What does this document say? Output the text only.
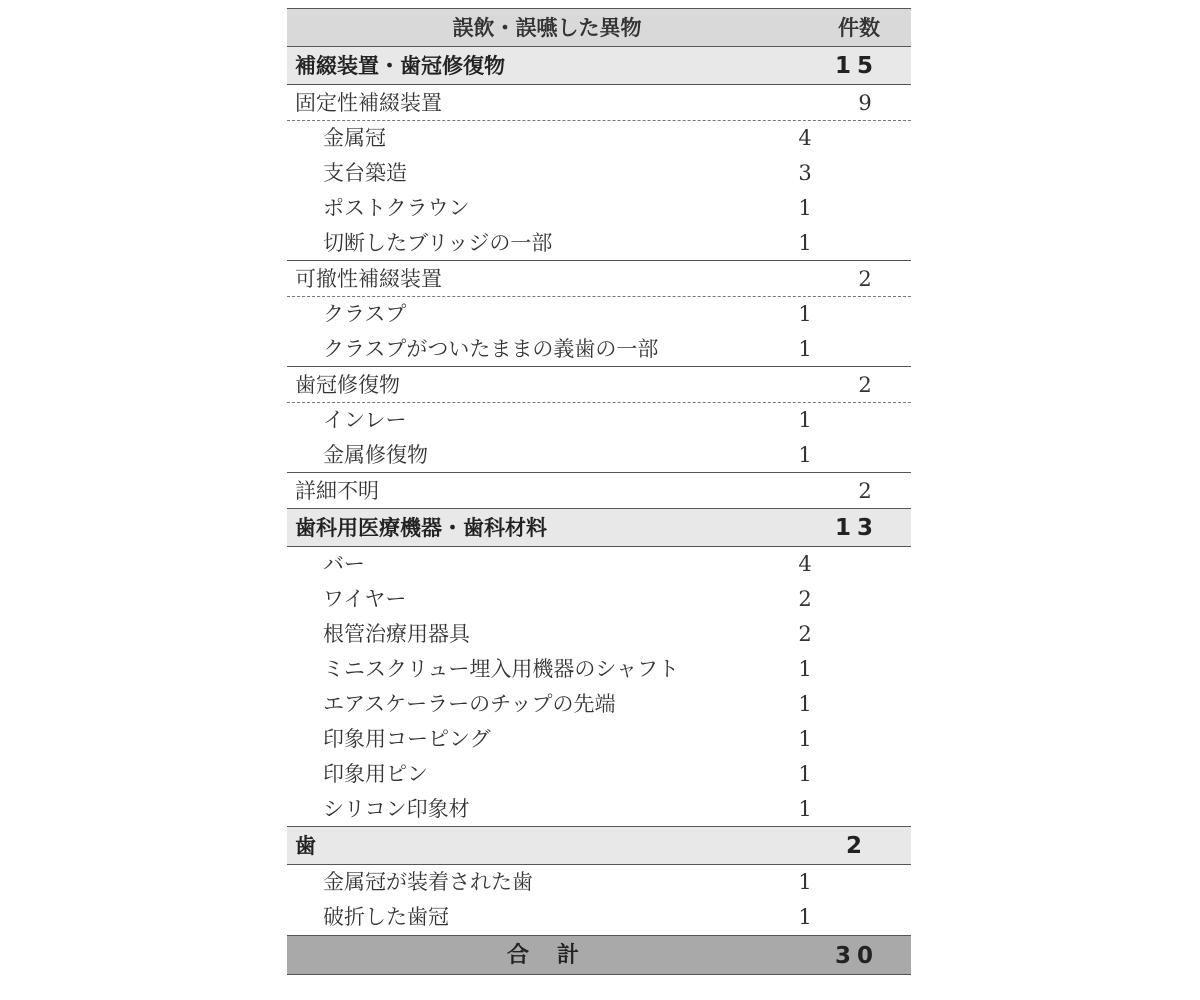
誤飲・誤嚥した異物	件数
補綴装置・歯冠修復物	15
固定性補綴装置	9
金属冠	4
支台築造	3
ポストクラウン	1
切断したブリッジの一部	1
可撤性補綴装置	2
クラスプ	1
クラスプがついたままの義歯の一部	1
歯冠修復物	2
インレー	1
金属修復物	1
詳細不明	2
歯科用医療機器・歯科材料	13
バー	4
ワイヤー	2
根管治療用器具	2
ミニスクリュー埋入用機器のシャフト	1
エアスケーラーのチップの先端	1
印象用コーピング	1
印象用ピン	1
シリコン印象材	1
歯	2
金属冠が装着された歯	1
破折した歯冠	1
合計	30
